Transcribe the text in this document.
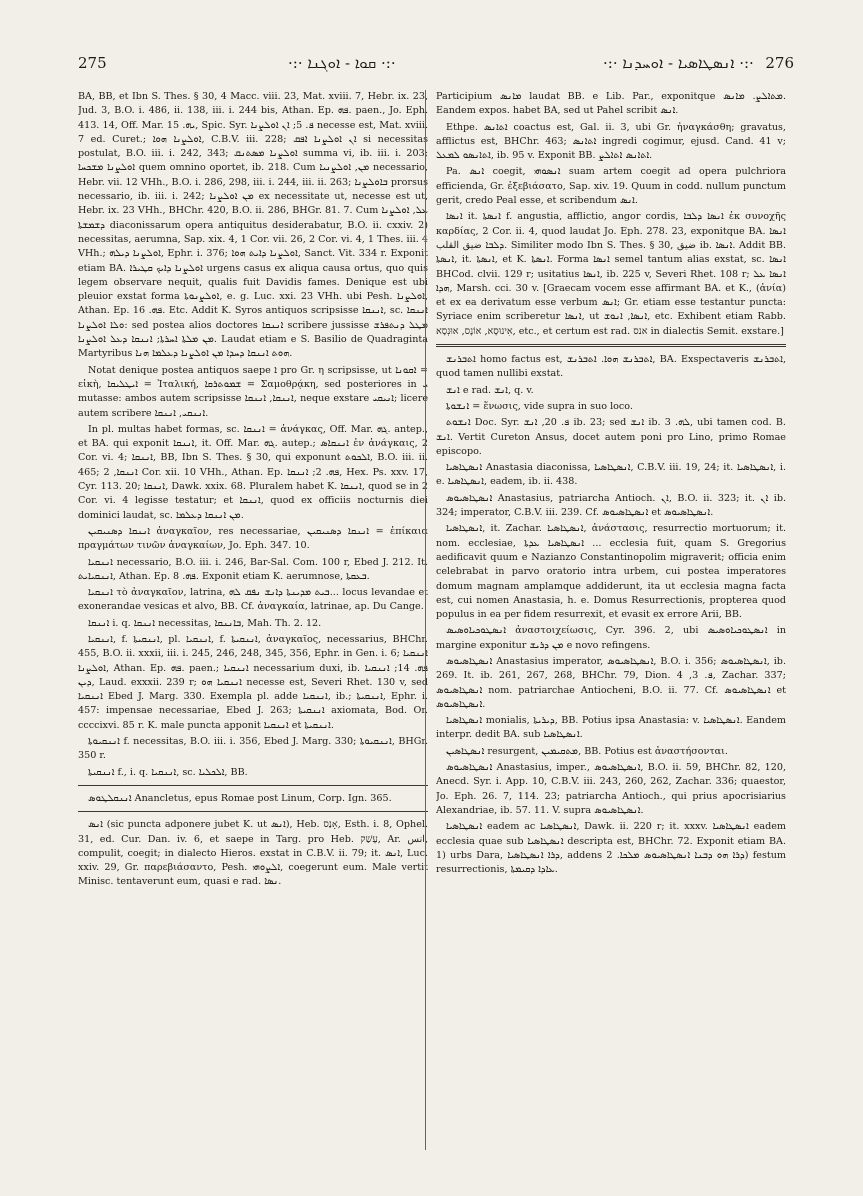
275	·:· ܩܘܐ - ܐܘܓܢܐ ·:·	·:· ܐܢܣܛܐܣܝܐ - ܐܘܚܕܢܐ ·:· 276

BA, BB, et Ibn S. Thes. § 30, 4 Macc. viii. 23, Mat. xviii. 7, Hebr. ix. 23, Jud. 3, B.O. i. 486, ii. 138, iii. i. 244 bis, Athan. Ep. ܦܗ. paen., Jo. Eph. 413. 14, Off. Mar. ܝܗ. 15, Spic. Syr. ܦ. 5; ܐܢ ܐܘܠܨܢܐ necesse est, Mat. xviii. 7 ed. Curet.; ܐܘܠܨܢܐ ܗܘܐ, C.B.V. iii. 228; ܐܢ ܐܘܠܨܢܐ ܐܦܩ si necessitas postulat, B.O. iii. i. 242, 343; ܐܘܠܨܢܐ ܡܣܬܢܩ summa vi, ib. iii. i. 203; ܐܘܠܨܢܐ ܡܫܟܚܐ quem omnino oportet, ib. 218. Cum ܡܢ, ܐܘܠܨܢܝܐ necessario, Hebr. vii. 12 VHh., B.O. i. 286, 298, iii. i. 244, iii. ii. 263; ܒܐܘܠܨܢܐ prorsus necessario, ib. iii. i. 242; ܡܢ ܐܘܠܨܢܐ ex necessitate ut, necesse est ut, Hebr. ix. 23 VHh., BHChr. 420, B.O. ii. 286, BHGr. 81. 7. Cum ܥܠ, ܐܘܠܨܢܐ ܕܫܡܫܬܐ diaconissarum opera antiquitus desiderabatur, B.O. ii. cxxiv. 2) necessitas, aerumna, Sap. xix. 4, 1 Cor. vii. 26, 2 Cor. vi. 4, 1 Thes. iii. 4 VHh.; ܐܘܠܨܢܐ ܕܝܠܗ, Ephr. i. 376; ܐܘܠܨܢܐ ܕܐܝܬ ܗܘܐ, Sanct. Vit. 334 r. Exponit etiam BA. ܐܘܠܨܢܐ ܕܐܝܟ ܩܛܝܪܐ urgens casus ex aliqua causa ortus, quo quis legem observare nequit, qualis fuit Davidis fames. Denique est ubi pleuior exstat forma ܐܘܠܨܢܘܬܐ, e. g. Luc. xxi. 23 VHh. ubi Pesh. ܐܘܠܨܢܐ, Athan. Ep. ܦܗ. 16. Etc. Addit K. Syros antiquos scripsisse ܐܢܢܩܐ, sc. ܐܢܢܩܐ ܘܠܐ ܐܘܠܨܢܐ: sed postea alios doctores ܐܢܢܩܐ scribere jussisse ܡܛܠ ܕܢܬܦܪܫ ܡܢ ܡܠܬܐ ܐܚܪܬܐ; ܐܢܢܩܐ ܕܥܠ ܐܘܠܨܢܐ. Laudat etiam e S. Basilio de Quadraginta Martyribus ܗܘܬ ܐܢܢܩܐ ܕܚܕܐ ܡܢ ܐܘܠܨܢܐ ܕܥܠܡܐ ܗܢܐ.

Notat denique postea antiquos saepe ܐ pro Gr. η scripsisse, ut ܐܩܘܢܐ = εἰκὴ, ܐܝܛܠܝܩܐ = Ἰταλική, ܫܡܘܬܪܩܐ = Σαμοθρᾴκη, sed posteriores in ܝ mutasse: ambos autem scripsisse ܐܢܢܩܐ, ܐܢܢܩܐ, neque exstare ܐܢܝܩܝ; licere autem scribere ܐܢܢܩܝ, ܐܢܢܩܐ.

In pl. multas habet formas, sc. ܐܢܢܩܐ = ἀνάγκας, Off. Mar. ܓܗ. antep., et BA. qui exponit ܐܢܢܩܐ, it. Off. Mar. ܓܗ. autep.; ܐܢܢܩܐܣ ἐν ἀνάγκαις, 2 Cor. vi. 4; ܐܢܢܩܐ, BB, Ibn S. Thes. § 30, qui exponunt ܐܠܟܘܬ, B.O. iii. ii. 465; ܐܢܢܩܐ, 2 Cor. xii. 10 VHh., Athan. Ep. ܦܗ. 2; ܐܢܢܩܐ, Hex. Ps. xxv. 17, Cyr. 113. 20; ܐܢܢܩܐ, Dawk. xxix. 68. Pluralem habet K. ܐܢܢܩܐ, quod se in 2 Cor. vi. 4 legisse testatur; et ܐܢܢܩܐ, quod ex officiis nocturnis diei dominici laudat, sc. ܡܢ ܐܢܢܩܐ ܕܥܠܡܐ.

ܐܢܢܩܐ ܕܣܢܝܩܝܢ ἀναγκαῖον, res necessariae, ܐܢܢܩܐ ܕܣܢܝܩܝܢ = ἐπίκαια πραγμάτων τινῶν ἀναγκαίων, Jo. Eph. 347. 10.

ܐܢܢܩܝܐ necessario, B.O. iii. i. 246, Bar-Sal. Com. 100 r, Ebed J. 212. It. ܐܢܢܩܝܐܝܬ, Athan. Ep. ܦܗ. 8. Exponit etiam K. aerumnose, ܒܥܩܬܐ.

ܐܢܢܩܝܐ τὸ ἀναγκαῖον, latrina, ܒܝܬ ܡܕܝܢܬܐ ܕܐܢܫ ܢܦܩ ܠܗ... locus levandae et exonerandae vesicas et alvo, BB. Cf. ἀναγκαία, latrinae, ap. Du Cange.

ܐܢܢܩܐ i. q. ܐܢܢܩܐ necessitas, ܒܐܢܢܩܐ, Mah. Th. 2. 12.

ܐܢܢܩܝܐ, f. ܐܢܢܩܝܬܐ, pl. ܐܢܢܩܝܐ, f. ܐܢܢܩܝܬܐ, ἀναγκαῖος, necessarius, BHChr. 455, B.O. ii. xxxii, iii. i. 245, 246, 248, 345, 356, Ephr. in Gen. i. 6; ܐܢܢܩܝܐ ܐܘܠܨܢܐ, Athan. Ep. ܦܗ. paen.; ܐܢܢܩܝܐ necessarium duxi, ib. ܦܗ. 14; ܐܢܢܩܝܐ ܕܝܢ, Laud. exxxii. 239 r; ܐܢܢܩܝܐ ܗܘ necesse est, Severi Rhet. 130 v, sed ܐܢܢܩܝܐ Ebed J. Marg. 330. Exempla pl. adde ܐܢܢܩܝܐ, ib.; ܐܢܢܩܝܬܐ, Ephr. i. 457: impensae necessariae, Ebed J. 263; ܐܢܢܩܝܬܐ axiomata, Bod. Or. ccccixvi. 85 r. K. male puncta apponit ܐܢܢܩܝܐ et ܐܢܢܩܝܬܐ.

ܐܢܢܩܝܘܬܐ f. necessitas, B.O. iii. i. 356, Ebed J. Marg. 330; ܐܢܢܩܝܘܬܐ, BHGr. 350 r.

ܐܢܢܩܝܬܐ f., i. q. ܐܢܢܩܝܐ, sc. ܐܠܟܠܝܐ, BB.

ܐܢܢܩܠܛܘܣ Anancletus, epus Romae post Linum, Corp. Ign. 365.

ܐܢܣ (sic puncta adponere jubet K. ut ܐܢܣ), Heb. אָנַס, Esth. i. 8, Ophel. 31, ed. Cur. Dan. iv. 6, et saepe in Targ. pro Heb. עָשַׁק, Ar. انس, compulit, coegit; in dialecto Hieros. exstat in C.B.V. ii. 79; it. ܐܢܣ, Luc. xxiv. 29, Gr. παρεβιάσαντο, Pesh. ܐܠܨܘܗܝ, coegerunt eum. Male vertit Minisc. tentaverunt eum, quasi e rad. ܢܣܐ.

Participium ܡܐܢܣ laudat BB. e Lib. Par., exponitque ܡܬܐܠܨ. ܡܐܢܣ. Eandem expos. habet BA, sed ut Pahel scribit ܐܢܣ.

Ethpe. ܐܬܐܢܣ coactus est, Gal. ii. 3, ubi Gr. ἠναγκάσθη; gravatus, afflictus est, BHChr. 463; ܐܬܐܢܣ ingredi cogimur, ejusd. Cand. 41 v; ܐܬܐܢܣܘ ܠܡܥܠ, ib. 95 v. Exponit BB. ܐܬܐܢܣ ܐܬܐܠܨ.

Pa. ܐܢܣ coegit, ܐܢܣܘܗܝ suam artem coegit ad opera pulchriora efficienda, Gr. ἐξεβιάσατο, Sap. xiv. 19. Quum in codd. nullum punctum gerit, credo Peal esse, et scribendum ܐܢܣ.

ܐܢܣܐ it. ܐܢܣܬܐ f. angustia, afflictio, angor cordis, ܐܢܣܐ ܕܠܒܐ ἐκ συνοχῆς καρδίας, 2 Cor. ii. 4, quod laudat Jo. Eph. 278. 23, exponitque BA. ܐܢܣܐ ܕܠܒܐ ضيق القلب. Similiter modo Ibn S. Thes. § 30, ضيق ib. ܐܢܣܐ. Addit BB. ܐܢܣܬܐ, it. ܐܢܣܬܐ, et K. ܐܢܣܬܐ. Forma ܐܢܣܐ semel tantum alias exstat, sc. ܐܢܣܐ BHCod. clvii. 129 r; usitatius ܐܢܣܐ, ib. 225 v, Severi Rhet. 108 r; ܐܢܣܐ ܥܠ ܗܕܐ, Marsh. cci. 30 v. [Graecam vocem esse affirmant BA. et K., (ἀνία) et ex ea derivatum esse verbum ܐܢܣ; Gr. etiam esse testantur puncta: Syriace enim scriberetur ܐܢܣܐ, ut ܐܢܣܐ, ܐܢܘܫ, etc. Exhibent etiam Rabb. אִינוּסָא, אוֹנֶס, אוּנְסָא, etc., et certum est rad. אנס in dialectis Semit. exstare.]

ܐܬܒܪܢܫ homo factus est, ܐܬܒܪܢܫ ܗܘܐ. ܐܬܒܪܢܫ, BA. Exspectaveris ܐܬܒܪܢܫ, quod tamen nullibi exstat.

ܐܢܫ e rad. ܐܢܫ, q. v.

ܐܢܫܘܬܐ = ἕνωσις, vide supra in suo loco.

ܐܢܫܘܬ Doc. Syr. ܦ. 20, ܐܢܫ ib. 23; sed ܐܢܫ ib. ܠܗ. 3, ubi tamen cod. B. ܐܢܫ. Vertit Cureton Ansus, docet autem poni pro Lino, primo Romae episcopo.

ܐܢܣܛܐܣܝܐ Anastasia diaconissa, ܐܢܣܛܐܣܝܐ, C.B.V. iii. 19, 24; it. ܐܢܣܛܐܣܝܐ, i. e. ܐܢܣܛܐܣܝܐ, eadem, ib. ii. 438.

ܐܢܣܛܐܣܝܘܣ Anastasius, patriarcha Antioch. ܐܢ, B.O. ii. 323; it. ܐܢ ib. 324; imperator, C.B.V. iii. 239. Cf. ܐܢܣܛܐܣܝܘܣ et ܐܢܣܛܐܣܝܘܣ.

ܐܢܣܛܐܣܝܐ, it. Zachar. ܐܢܣܛܐܣܝܐ, ἀνάστασις, resurrectio mortuorum; it. nom. ecclesiae, ܐܢܣܛܐܣܝܐ ܥܕܬܐ ... ecclesia fuit, quam S. Gregorius aedificavit quum e Nazianzo Constantinopolim migraverit; officia enim celebrabat in parvo oratorio intra urbem, cui postea imperatores domum magnam amplamque addiderunt, ita ut ecclesia magna facta est, cui nomen Anastasia, h. e. Domus Resurrectionis, propterea quod populus in ea per fidem resurrexit, et evasit ex errore Arii, BB.

ܐܢܣܛܘܟܝܐܘܣܝܣ ἀναστοιχείωσις, Cyr. 396. 2, ubi ܐܢܣܛܘܟܝܐܘܣܝܣ in margine exponitur ܡܢ ܕܪܝܫ e novo refingens.

ܐܢܣܛܐܣܝܘܣ Anastasius imperator, ܐܢܣܛܐܣܝܘܣ, B.O. i. 356; ܐܢܣܛܐܣܝܘܣ, ib. 269. It. ib. 261, 267, 268, BHChr. 79, Dion. ܦ. 3, 4, Zachar. 337; ܐܢܣܛܐܣܝܘܣ nom. patriarchae Antiocheni, B.O. ii. 77. Cf. ܐܢܣܛܐܣܝܘܣ et ܐܢܣܛܐܣܝܘܣ.

ܐܢܣܛܐܣܝܐ monialis, ܕܝܪܝܬܐ, BB. Potius ipsa Anastasia: v. ܐܢܣܛܐܣܝܐ. Eandem interpr. dedit BA. sub ܐܢܣܛܐܣܝܐ.

ܐܢܣܛܐܣܝܢ resurgent, ܡܬܩܝܡܝܢ, BB. Potius est ἀναστήσονται.

ܐܢܣܛܐܣܝܘܣ Anastasius, imper., ܐܢܣܛܐܣܝܘܣ, B.O. ii. 59, BHChr. 82, 120, Anecd. Syr. i. App. 10, C.B.V. iii. 243, 260, 262, Zachar. 336; quaestor, Jo. Eph. 26. 7, 114. 23; patriarcha Antioch., qui prius apocrisiarius Alexandriae, ib. 57. 11. V. supra ܐܢܣܛܐܣܝܘܣ.

ܐܢܣܛܐܣܝܐ eadem ac ܐܢܣܛܐܣܝܐ, Dawk. ii. 220 r; it. xxxv. ܐܢܣܛܐܣܝܐ eadem ecclesia quae sub ܐܢܣܛܐܣܝܐ descripta est, BHChr. 72. Exponit etiam BA. 1) urbs Dara, ܕܪܐ ܐܢܣܛܐܣܝܐ, addens ܕܪܐ ܗܘ ܕܒܢܐ ܐܢܣܛܐܣܝܘܣ ܡܠܟܐ. 2) festum resurrectionis, ܥܐܕܐ ܕܩܝܡܬܐ.
